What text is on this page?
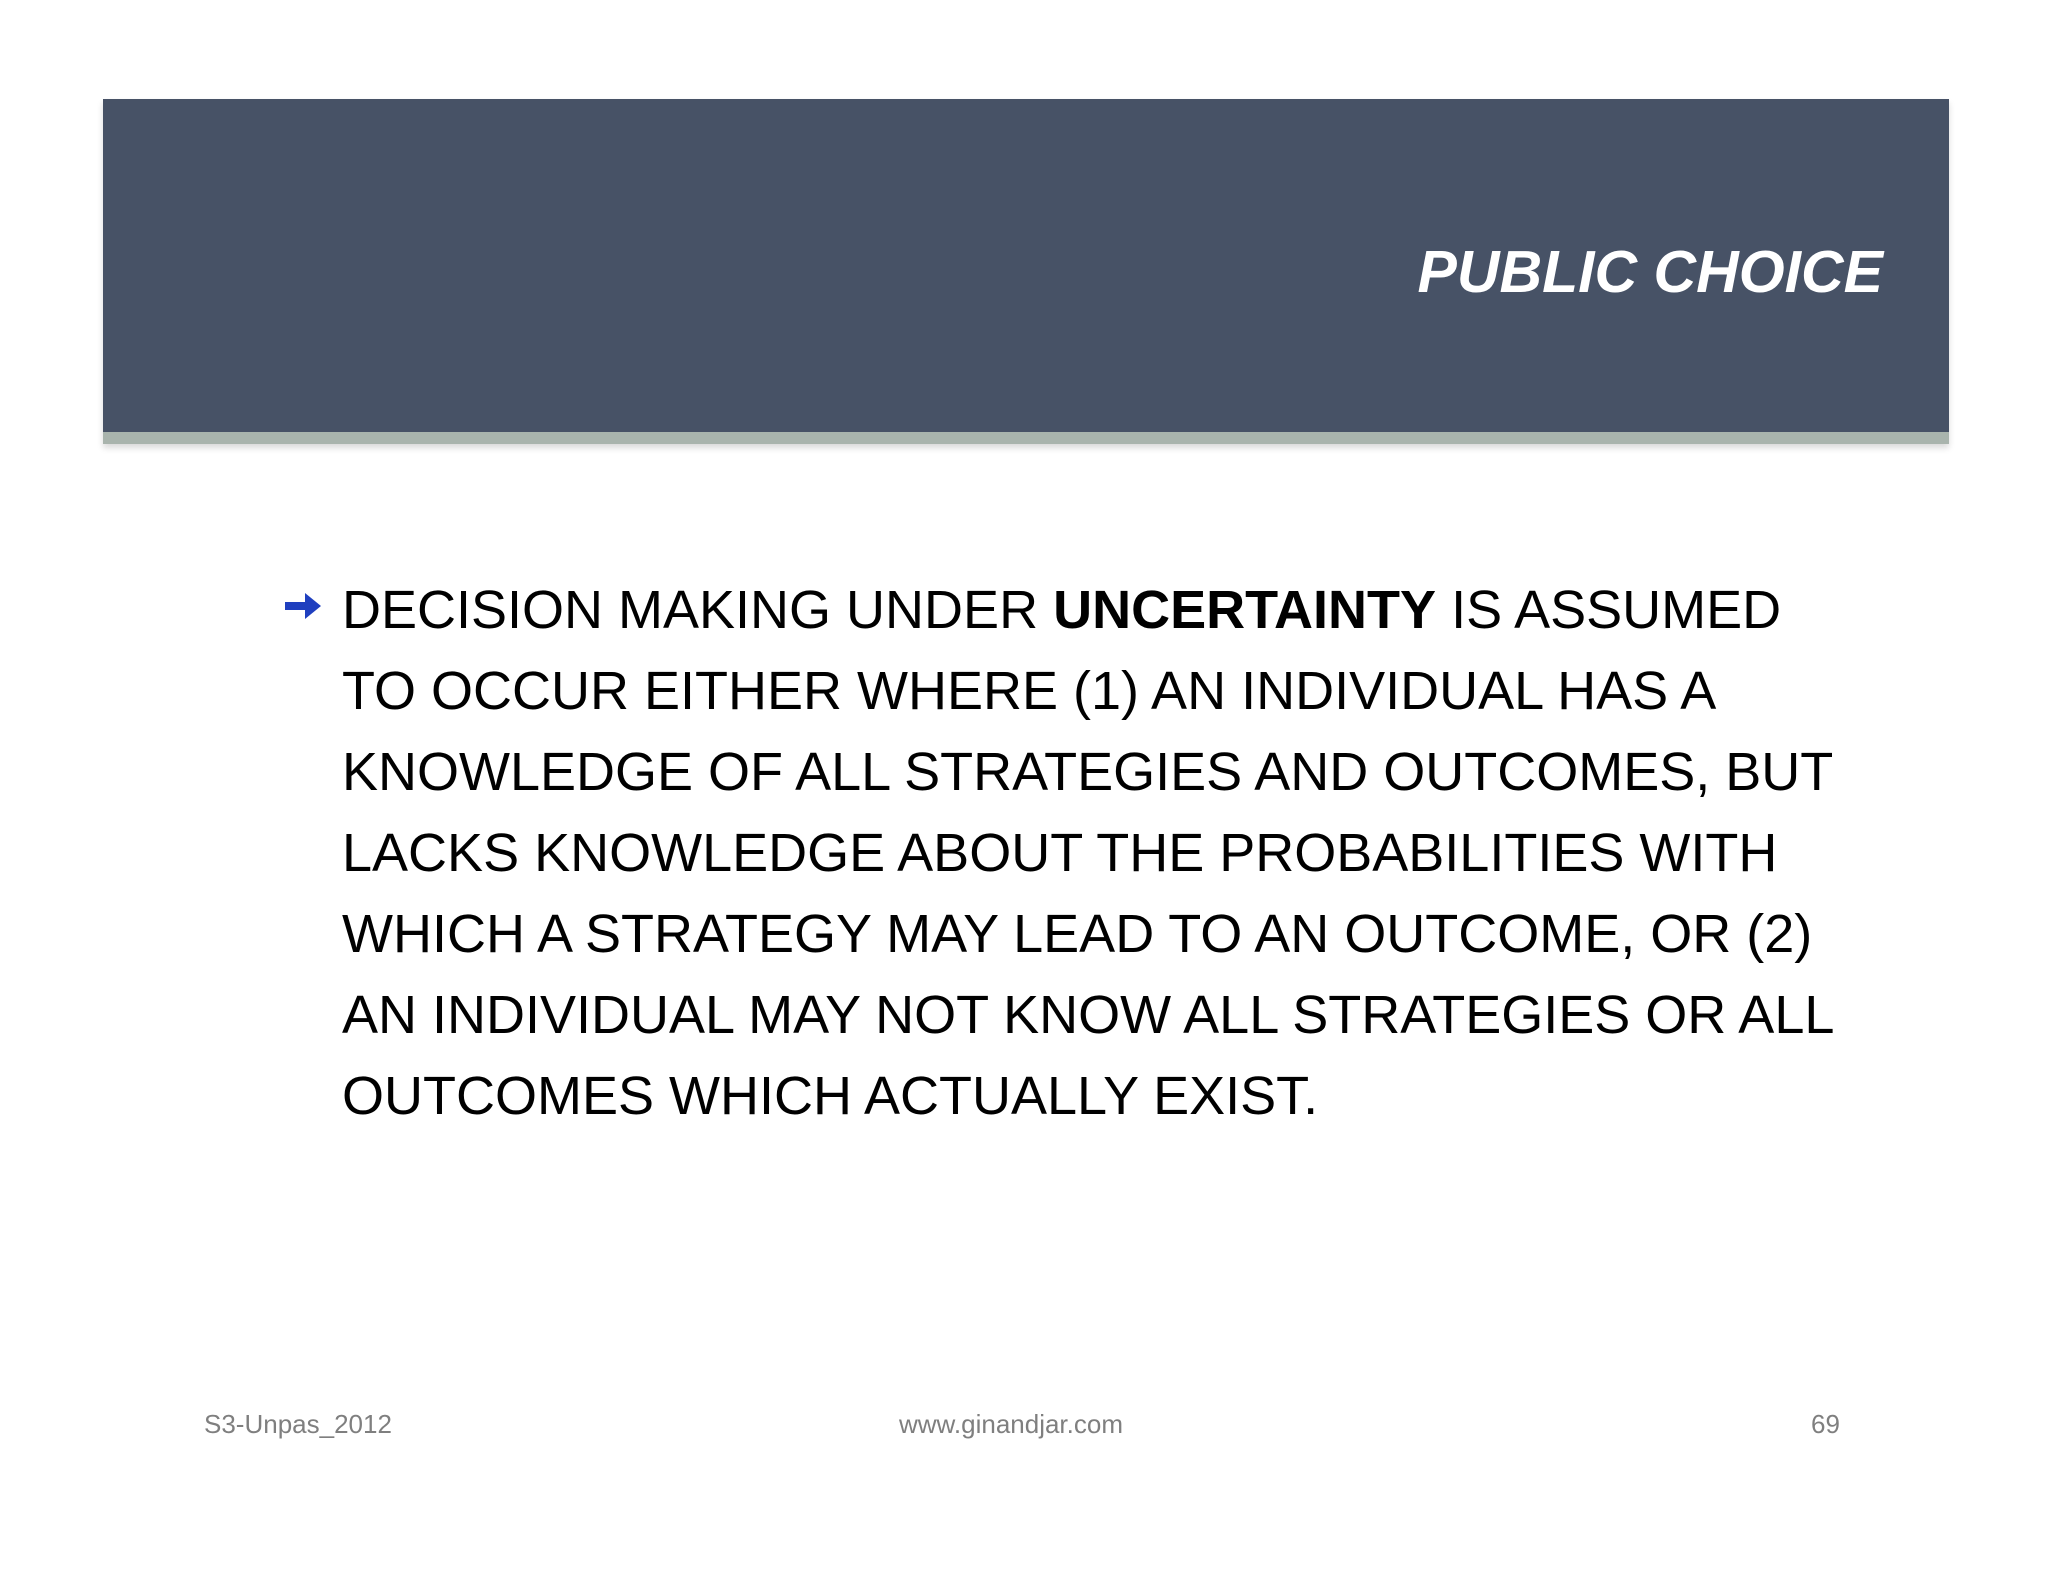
PUBLIC CHOICE

DECISION MAKING UNDER UNCERTAINTY IS ASSUMED
TO OCCUR EITHER WHERE (1) AN INDIVIDUAL HAS A
KNOWLEDGE OF ALL STRATEGIES AND OUTCOMES, BUT
LACKS KNOWLEDGE ABOUT THE PROBABILITIES WITH
WHICH A STRATEGY MAY LEAD TO AN OUTCOME, OR (2)
AN INDIVIDUAL MAY NOT KNOW ALL STRATEGIES OR ALL
OUTCOMES WHICH ACTUALLY EXIST.

S3-Unpas_2012	www.ginandjar.com	69
